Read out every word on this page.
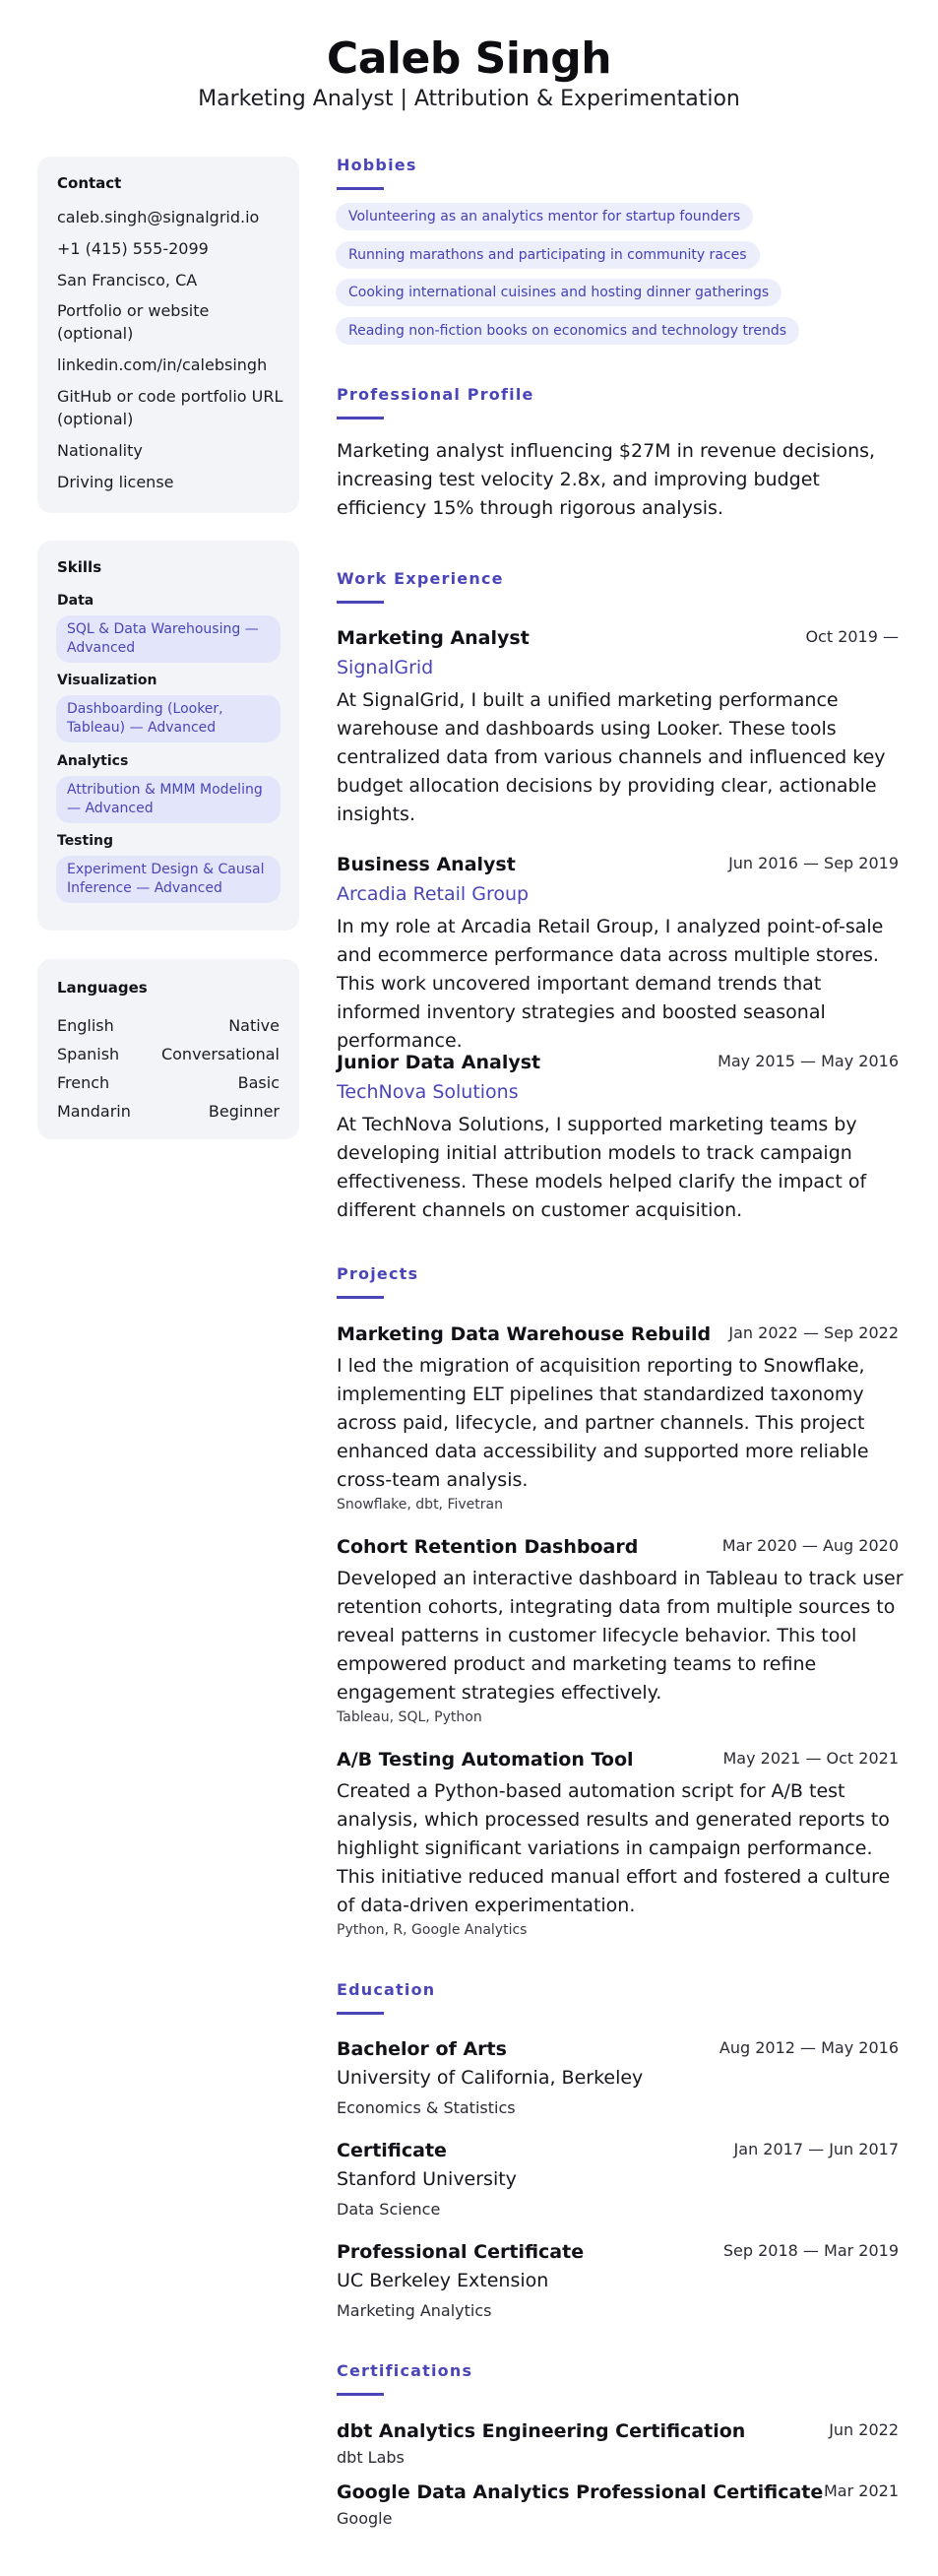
Caleb Singh
Marketing Analyst | Attribution & Experimentation
Contact
caleb.singh@signalgrid.io
+1 (415) 555-2099
San Francisco, CA
Portfolio or website (optional)
linkedin.com/in/calebsingh
GitHub or code portfolio URL (optional)
Nationality
Driving license
Skills
Data
SQL & Data Warehousing — Advanced
Visualization
Dashboarding (Looker, Tableau) — Advanced
Analytics
Attribution & MMM Modeling — Advanced
Testing
Experiment Design & Causal Inference — Advanced
Languages
English	Native
Spanish	Conversational
French	Basic
Mandarin	Beginner
Hobbies
Volunteering as an analytics mentor for startup founders
Running marathons and participating in community races
Cooking international cuisines and hosting dinner gatherings
Reading non-fiction books on economics and technology trends
Professional Profile
Marketing analyst influencing $27M in revenue decisions, increasing test velocity 2.8x, and improving budget efficiency 15% through rigorous analysis.
Work Experience
Marketing Analyst	Oct 2019 —
SignalGrid
At SignalGrid, I built a unified marketing performance warehouse and dashboards using Looker. These tools centralized data from various channels and influenced key budget allocation decisions by providing clear, actionable insights.
Business Analyst	Jun 2016 — Sep 2019
Arcadia Retail Group
In my role at Arcadia Retail Group, I analyzed point-of-sale and ecommerce performance data across multiple stores. This work uncovered important demand trends that informed inventory strategies and boosted seasonal performance.
Junior Data Analyst	May 2015 — May 2016
TechNova Solutions
At TechNova Solutions, I supported marketing teams by developing initial attribution models to track campaign effectiveness. These models helped clarify the impact of different channels on customer acquisition.
Projects
Marketing Data Warehouse Rebuild Jan 2022 — Sep 2022
I led the migration of acquisition reporting to Snowflake, implementing ELT pipelines that standardized taxonomy across paid, lifecycle, and partner channels. This project enhanced data accessibility and supported more reliable cross-team analysis.
Snowflake, dbt, Fivetran
Cohort Retention Dashboard	Mar 2020 — Aug 2020
Developed an interactive dashboard in Tableau to track user retention cohorts, integrating data from multiple sources to reveal patterns in customer lifecycle behavior. This tool empowered product and marketing teams to refine engagement strategies effectively.
Tableau, SQL, Python
A/B Testing Automation Tool	May 2021 — Oct 2021
Created a Python-based automation script for A/B test analysis, which processed results and generated reports to highlight significant variations in campaign performance. This initiative reduced manual effort and fostered a culture of data-driven experimentation.
Python, R, Google Analytics
Education
Bachelor of Arts	Aug 2012 — May 2016
University of California, Berkeley
Economics & Statistics
Certificate	Jan 2017 — Jun 2017
Stanford University
Data Science
Professional Certificate	Sep 2018 — Mar 2019
UC Berkeley Extension
Marketing Analytics
Certifications
dbt Analytics Engineering Certification	Jun 2022
dbt Labs
Google Data Analytics Professional Certificate Mar 2021
Google
